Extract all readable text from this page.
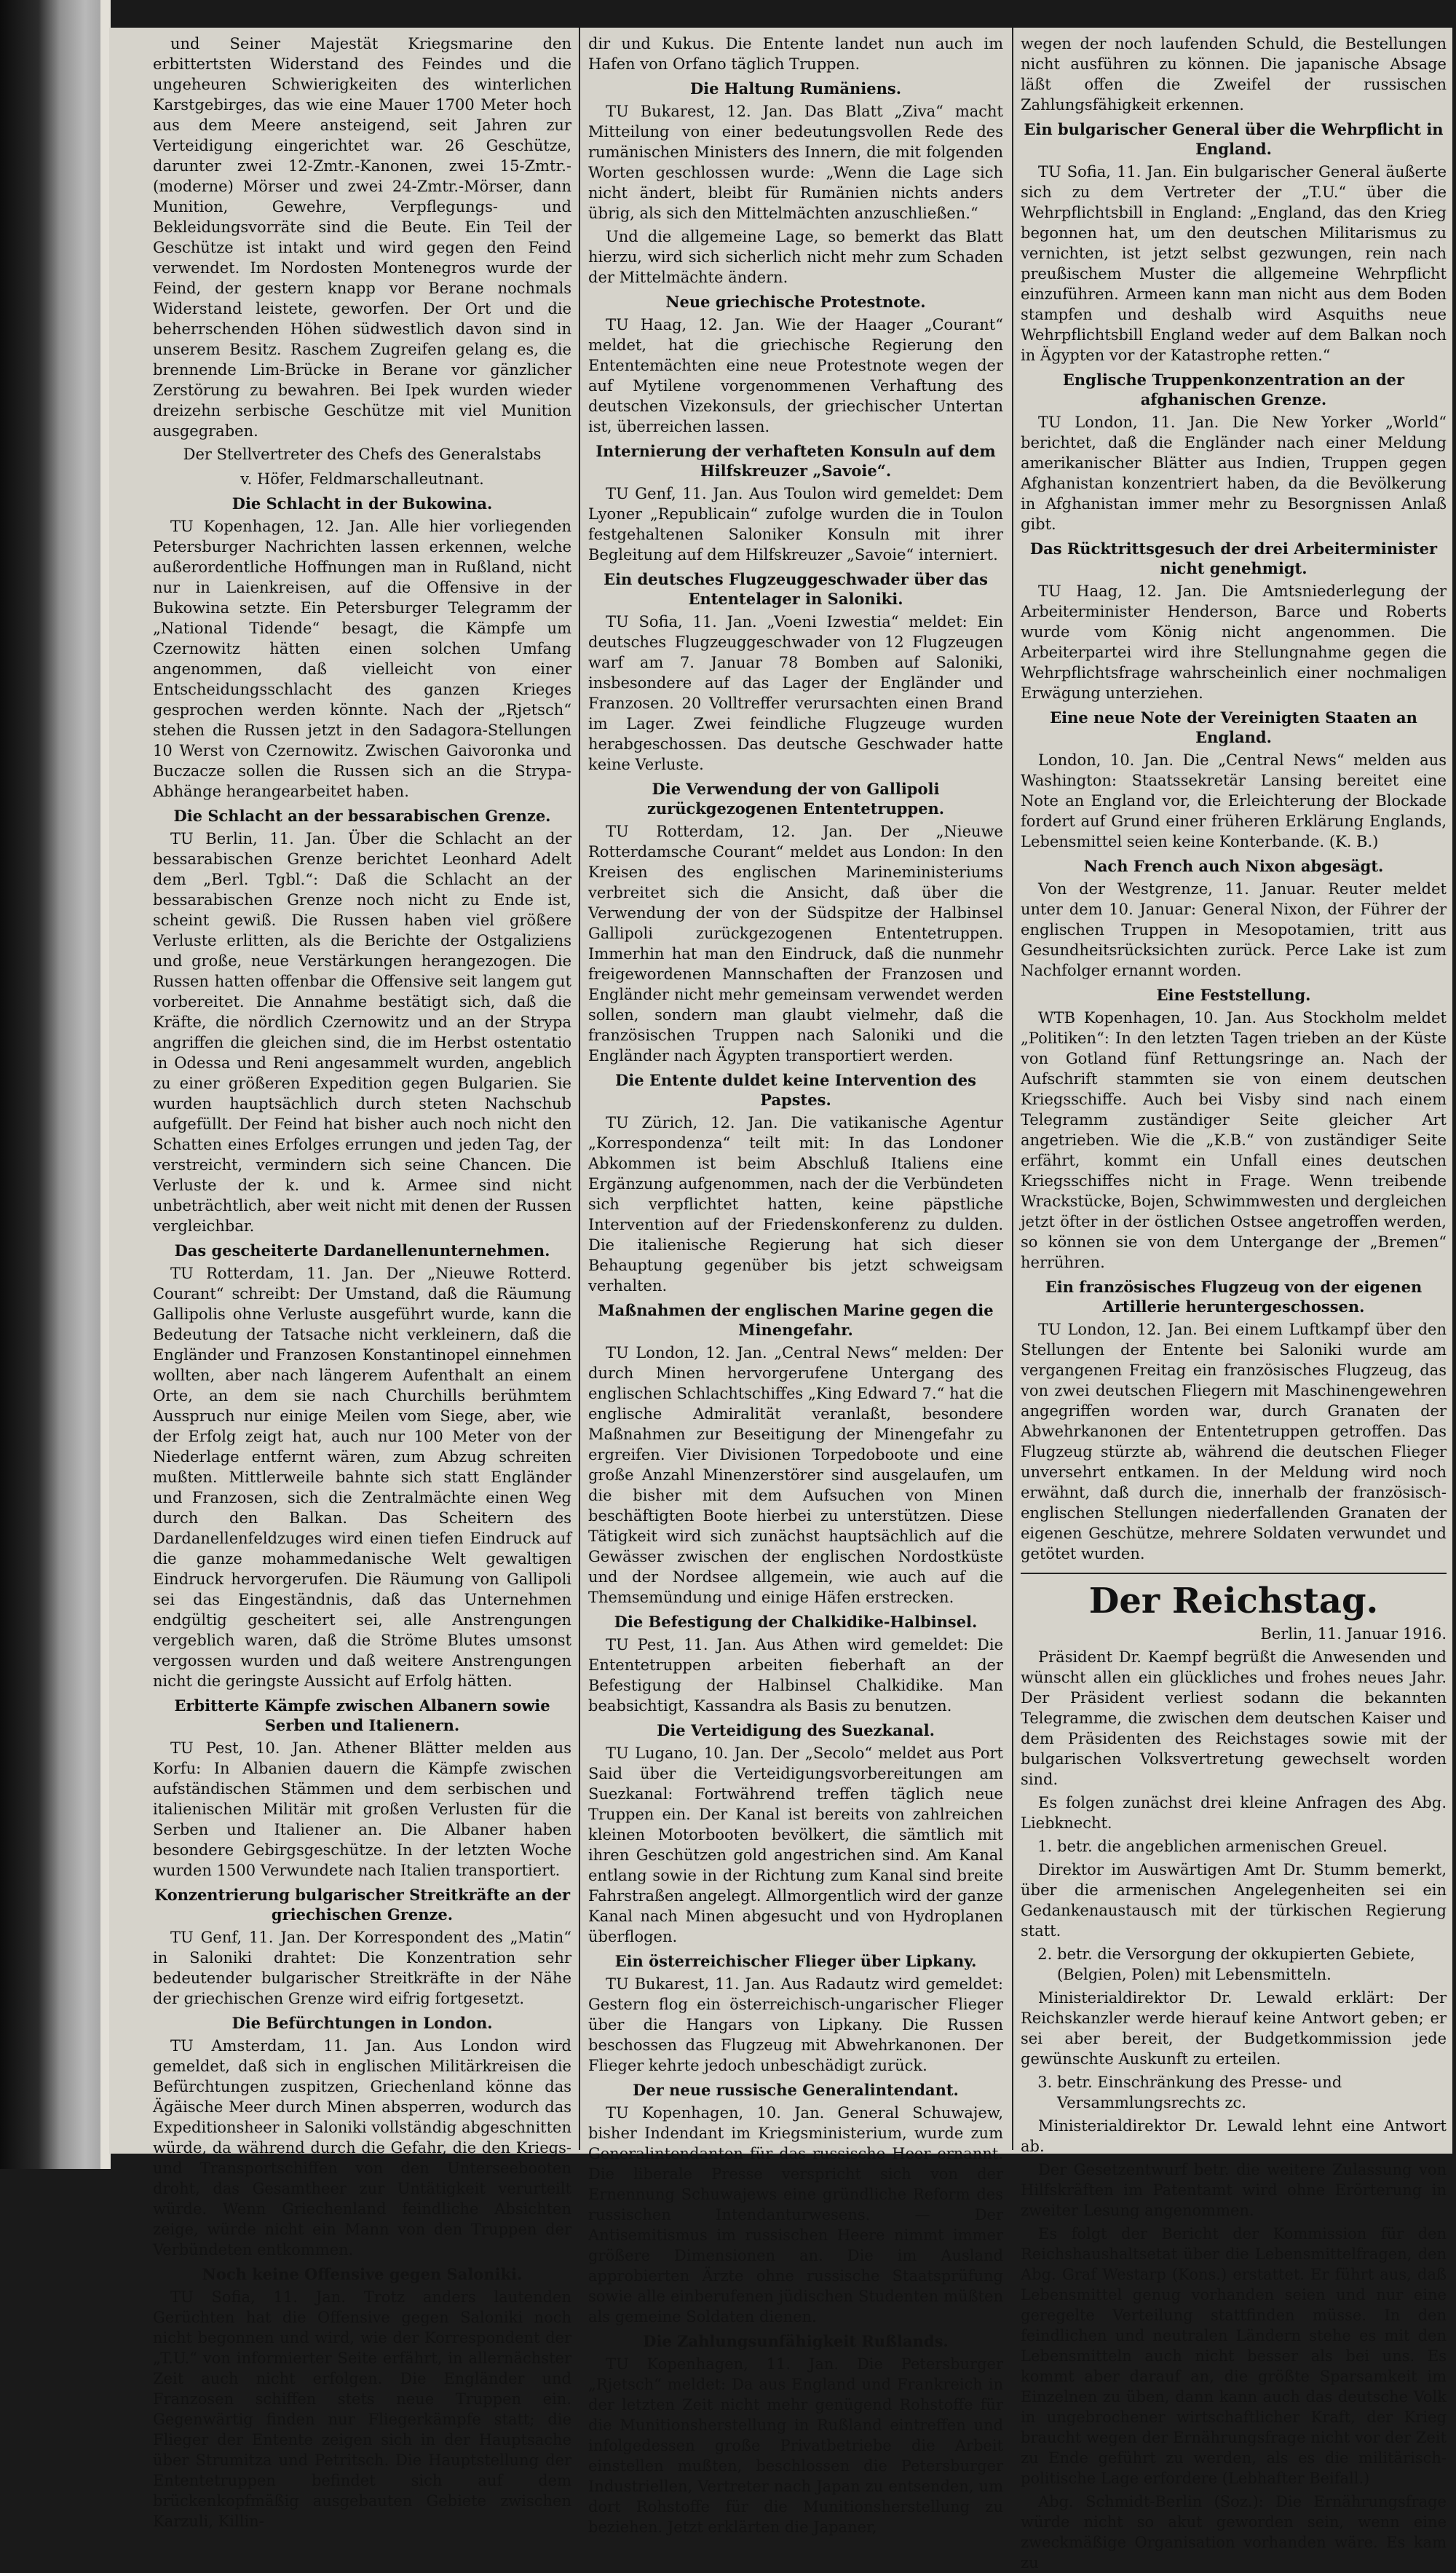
und Seiner Majestät Kriegsmarine den erbittertsten Widerstand des Feindes und die ungeheuren Schwierigkeiten des winterlichen Karstgebirges, das wie eine Mauer 1700 Meter hoch aus dem Meere ansteigend, seit Jahren zur Verteidigung eingerichtet war. 26 Geschütze, darunter zwei 12-Zmtr.-Kanonen, zwei 15-Zmtr.-(moderne) Mörser und zwei 24-Zmtr.-Mörser, dann Munition, Gewehre, Verpflegungs- und Bekleidungsvorräte sind die Beute. Ein Teil der Geschütze ist intakt und wird gegen den Feind verwendet. Im Nordosten Montenegros wurde der Feind, der gestern knapp vor Berane nochmals Widerstand leistete, geworfen. Der Ort und die beherrschenden Höhen südwestlich davon sind in unserem Besitz. Raschem Zugreifen gelang es, die brennende Lim-Brücke in Berane vor gänzlicher Zerstörung zu bewahren. Bei Ipek wurden wieder dreizehn serbische Geschütze mit viel Munition ausgegraben.

Der Stellvertreter des Chefs des Generalstabs

v. Höfer, Feldmarschalleutnant.

Die Schlacht in der Bukowina.

TU Kopenhagen, 12. Jan. Alle hier vorliegenden Petersburger Nachrichten lassen erkennen, welche außerordentliche Hoffnungen man in Rußland, nicht nur in Laienkreisen, auf die Offensive in der Bukowina setzte. Ein Petersburger Telegramm der „National Tidende“ besagt, die Kämpfe um Czernowitz hätten einen solchen Umfang angenommen, daß vielleicht von einer Entscheidungsschlacht des ganzen Krieges gesprochen werden könnte. Nach der „Rjetsch“ stehen die Russen jetzt in den Sadagora-Stellungen 10 Werst von Czernowitz. Zwischen Gaivoronka und Buczacze sollen die Russen sich an die Strypa-Abhänge herangearbeitet haben.

Die Schlacht an der bessarabischen Grenze.

TU Berlin, 11. Jan. Über die Schlacht an der bessarabischen Grenze berichtet Leonhard Adelt dem „Berl. Tgbl.“: Daß die Schlacht an der bessarabischen Grenze noch nicht zu Ende ist, scheint gewiß. Die Russen haben viel größere Verluste erlitten, als die Berichte der Ostgaliziens und große, neue Verstärkungen herangezogen. Die Russen hatten offenbar die Offensive seit langem gut vorbereitet. Die Annahme bestätigt sich, daß die Kräfte, die nördlich Czernowitz und an der Strypa angriffen die gleichen sind, die im Herbst ostentatio in Odessa und Reni angesammelt wurden, angeblich zu einer größeren Expedition gegen Bulgarien. Sie wurden hauptsächlich durch steten Nachschub aufgefüllt. Der Feind hat bisher auch noch nicht den Schatten eines Erfolges errungen und jeden Tag, der verstreicht, vermindern sich seine Chancen. Die Verluste der k. und k. Armee sind nicht unbeträchtlich, aber weit nicht mit denen der Russen vergleichbar.

Das gescheiterte Dardanellenunternehmen.

TU Rotterdam, 11. Jan. Der „Nieuwe Rotterd. Courant“ schreibt: Der Umstand, daß die Räumung Gallipolis ohne Verluste ausgeführt wurde, kann die Bedeutung der Tatsache nicht verkleinern, daß die Engländer und Franzosen Konstantinopel einnehmen wollten, aber nach längerem Aufenthalt an einem Orte, an dem sie nach Churchills berühmtem Ausspruch nur einige Meilen vom Siege, aber, wie der Erfolg zeigt hat, auch nur 100 Meter von der Niederlage entfernt wären, zum Abzug schreiten mußten. Mittlerweile bahnte sich statt Engländer und Franzosen, sich die Zentralmächte einen Weg durch den Balkan. Das Scheitern des Dardanellenfeldzuges wird einen tiefen Eindruck auf die ganze mohammedanische Welt gewaltigen Eindruck hervorgerufen. Die Räumung von Gallipoli sei das Eingeständnis, daß das Unternehmen endgültig gescheitert sei, alle Anstrengungen vergeblich waren, daß die Ströme Blutes umsonst vergossen wurden und daß weitere Anstrengungen nicht die geringste Aussicht auf Erfolg hätten.

Erbitterte Kämpfe zwischen Albanern sowie Serben und Italienern.

TU Pest, 10. Jan. Athener Blätter melden aus Korfu: In Albanien dauern die Kämpfe zwischen aufständischen Stämmen und dem serbischen und italienischen Militär mit großen Verlusten für die Serben und Italiener an. Die Albaner haben besondere Gebirgsgeschütze. In der letzten Woche wurden 1500 Verwundete nach Italien transportiert.

Konzentrierung bulgarischer Streitkräfte an der griechischen Grenze.

TU Genf, 11. Jan. Der Korrespondent des „Matin“ in Saloniki drahtet: Die Konzentration sehr bedeutender bulgarischer Streitkräfte in der Nähe der griechischen Grenze wird eifrig fortgesetzt.

Die Befürchtungen in London.

TU Amsterdam, 11. Jan. Aus London wird gemeldet, daß sich in englischen Militärkreisen die Befürchtungen zuspitzen, Griechenland könne das Ägäische Meer durch Minen absperren, wodurch das Expeditionsheer in Saloniki vollständig abgeschnitten würde, da während durch die Gefahr, die den Kriegs- und Transportschiffen von den Unterseebooten droht, das Gesamtheer zur Untätigkeit verurteilt würde. Wenn Griechenland feindliche Absichten zeige, würde nicht ein Mann von den Truppen der Verbündeten entkommen.

Noch keine Offensive gegen Saloniki.

TU Sofia, 11. Jan. Trotz anders lautenden Gerüchten hat die Offensive gegen Saloniki noch nicht begonnen und wird, wie der Korrespondent der „T.U.“ von informierter Seite erfährt, in allernächster Zeit auch nicht erfolgen. Die Engländer und Franzosen schiffen stets neue Truppen ein. Gegenwärtig finden nur Fliegerkämpfe statt; die Flieger der Entente zeigen sich in der Hauptsache über Strumitza und Petritsch. Die Hauptstellung der Ententetruppen befindet sich auf dem brückenkopfmäßig ausgebauten Gebiete zwischen Karzuli, Killin-

dir und Kukus. Die Entente landet nun auch im Hafen von Orfano täglich Truppen.

Die Haltung Rumäniens.

TU Bukarest, 12. Jan. Das Blatt „Ziva“ macht Mitteilung von einer bedeutungsvollen Rede des rumänischen Ministers des Innern, die mit folgenden Worten geschlossen wurde: „Wenn die Lage sich nicht ändert, bleibt für Rumänien nichts anders übrig, als sich den Mittelmächten anzuschließen.“

Und die allgemeine Lage, so bemerkt das Blatt hierzu, wird sich sicherlich nicht mehr zum Schaden der Mittelmächte ändern.

Neue griechische Protestnote.

TU Haag, 12. Jan. Wie der Haager „Courant“ meldet, hat die griechische Regierung den Ententemächten eine neue Protestnote wegen der auf Mytilene vorgenommenen Verhaftung des deutschen Vizekonsuls, der griechischer Untertan ist, überreichen lassen.

Internierung der verhafteten Konsuln auf dem Hilfskreuzer „Savoie“.

TU Genf, 11. Jan. Aus Toulon wird gemeldet: Dem Lyoner „Republicain“ zufolge wurden die in Toulon festgehaltenen Saloniker Konsuln mit ihrer Begleitung auf dem Hilfskreuzer „Savoie“ interniert.

Ein deutsches Flugzeuggeschwader über das Ententelager in Saloniki.

TU Sofia, 11. Jan. „Voeni Izwestia“ meldet: Ein deutsches Flugzeuggeschwader von 12 Flugzeugen warf am 7. Januar 78 Bomben auf Saloniki, insbesondere auf das Lager der Engländer und Franzosen. 20 Volltreffer verursachten einen Brand im Lager. Zwei feindliche Flugzeuge wurden herabgeschossen. Das deutsche Geschwader hatte keine Verluste.

Die Verwendung der von Gallipoli zurückgezogenen Ententetruppen.

TU Rotterdam, 12. Jan. Der „Nieuwe Rotterdamsche Courant“ meldet aus London: In den Kreisen des englischen Marineministeriums verbreitet sich die Ansicht, daß über die Verwendung der von der Südspitze der Halbinsel Gallipoli zurückgezogenen Ententetruppen. Immerhin hat man den Eindruck, daß die nunmehr freigewordenen Mannschaften der Franzosen und Engländer nicht mehr gemeinsam verwendet werden sollen, sondern man glaubt vielmehr, daß die französischen Truppen nach Saloniki und die Engländer nach Ägypten transportiert werden.

Die Entente duldet keine Intervention des Papstes.

TU Zürich, 12. Jan. Die vatikanische Agentur „Korrespondenza“ teilt mit: In das Londoner Abkommen ist beim Abschluß Italiens eine Ergänzung aufgenommen, nach der die Verbündeten sich verpflichtet hatten, keine päpstliche Intervention auf der Friedenskonferenz zu dulden. Die italienische Regierung hat sich dieser Behauptung gegenüber bis jetzt schweigsam verhalten.

Maßnahmen der englischen Marine gegen die Minengefahr.

TU London, 12. Jan. „Central News“ melden: Der durch Minen hervorgerufene Untergang des englischen Schlachtschiffes „King Edward 7.“ hat die englische Admiralität veranlaßt, besondere Maßnahmen zur Beseitigung der Minengefahr zu ergreifen. Vier Divisionen Torpedoboote und eine große Anzahl Minenzerstörer sind ausgelaufen, um die bisher mit dem Aufsuchen von Minen beschäftigten Boote hierbei zu unterstützen. Diese Tätigkeit wird sich zunächst hauptsächlich auf die Gewässer zwischen der englischen Nordostküste und der Nordsee allgemein, wie auch auf die Themsemündung und einige Häfen erstrecken.

Die Befestigung der Chalkidike-Halbinsel.

TU Pest, 11. Jan. Aus Athen wird gemeldet: Die Ententetruppen arbeiten fieberhaft an der Befestigung der Halbinsel Chalkidike. Man beabsichtigt, Kassandra als Basis zu benutzen.

Die Verteidigung des Suezkanal.

TU Lugano, 10. Jan. Der „Secolo“ meldet aus Port Said über die Verteidigungsvorbereitungen am Suezkanal: Fortwährend treffen täglich neue Truppen ein. Der Kanal ist bereits von zahlreichen kleinen Motorbooten bevölkert, die sämtlich mit ihren Geschützen gold angestrichen sind. Am Kanal entlang sowie in der Richtung zum Kanal sind breite Fahrstraßen angelegt. Allmorgentlich wird der ganze Kanal nach Minen abgesucht und von Hydroplanen überflogen.

Ein österreichischer Flieger über Lipkany.

TU Bukarest, 11. Jan. Aus Radautz wird gemeldet: Gestern flog ein österreichisch-ungarischer Flieger über die Hangars von Lipkany. Die Russen beschossen das Flugzeug mit Abwehrkanonen. Der Flieger kehrte jedoch unbeschädigt zurück.

Der neue russische Generalintendant.

TU Kopenhagen, 10. Jan. General Schuwajew, bisher Indendant im Kriegsministerium, wurde zum Generalintendanten für das russische Heer ernannt. Die liberale Presse verspricht sich von der Ernennung Schuwajews eine gründliche Reform des russischen Intendanturwesens. — Der Antisemitismus im russischen Heere nimmt immer größere Dimensionen an. Die im Ausland approbierten Ärzte ohne russische Staatsprüfung sowie alle einberufenen jüdischen Studenten müßten als gemeine Soldaten dienen.

Die Zahlungsunfähigkeit Rußlands.

TU Kopenhagen, 11. Jan. Die Petersburger „Rjetsch“ meldet: Da aus England und Frankreich in der letzten Zeit nicht mehr genügend Rohstoffe für die Munitionsherstellung in Rußland eintreffen und infolgedessen große Privatbetriebe die Arbeit einstellen mußten, beschlossen die Petersburger Industriellen, Vertreter nach Japan zu entsenden, um dort Rohstoffe für die Munitionsherstellung zu beziehen. Jetzt erklärten die Japaner,

wegen der noch laufenden Schuld, die Bestellungen nicht ausführen zu können. Die japanische Absage läßt offen die Zweifel der russischen Zahlungsfähigkeit erkennen.

Ein bulgarischer General über die Wehrpflicht in England.

TU Sofia, 11. Jan. Ein bulgarischer General äußerte sich zu dem Vertreter der „T.U.“ über die Wehrpflichtsbill in England: „England, das den Krieg begonnen hat, um den deutschen Militarismus zu vernichten, ist jetzt selbst gezwungen, rein nach preußischem Muster die allgemeine Wehrpflicht einzuführen. Armeen kann man nicht aus dem Boden stampfen und deshalb wird Asquiths neue Wehrpflichtsbill England weder auf dem Balkan noch in Ägypten vor der Katastrophe retten.“

Englische Truppenkonzentration an der afghanischen Grenze.

TU London, 11. Jan. Die New Yorker „World“ berichtet, daß die Engländer nach einer Meldung amerikanischer Blätter aus Indien, Truppen gegen Afghanistan konzentriert haben, da die Bevölkerung in Afghanistan immer mehr zu Besorgnissen Anlaß gibt.

Das Rücktrittsgesuch der drei Arbeiterminister nicht genehmigt.

TU Haag, 12. Jan. Die Amtsniederlegung der Arbeiterminister Henderson, Barce und Roberts wurde vom König nicht angenommen. Die Arbeiterpartei wird ihre Stellungnahme gegen die Wehrpflichtsfrage wahrscheinlich einer nochmaligen Erwägung unterziehen.

Eine neue Note der Vereinigten Staaten an England.

London, 10. Jan. Die „Central News“ melden aus Washington: Staatssekretär Lansing bereitet eine Note an England vor, die Erleichterung der Blockade fordert auf Grund einer früheren Erklärung Englands, Lebensmittel seien keine Konterbande. (K. B.)

Nach French auch Nixon abgesägt.

Von der Westgrenze, 11. Januar. Reuter meldet unter dem 10. Januar: General Nixon, der Führer der englischen Truppen in Mesopotamien, tritt aus Gesundheitsrücksichten zurück. Perce Lake ist zum Nachfolger ernannt worden.

Eine Feststellung.

WTB Kopenhagen, 10. Jan. Aus Stockholm meldet „Politiken“: In den letzten Tagen trieben an der Küste von Gotland fünf Rettungsringe an. Nach der Aufschrift stammten sie von einem deutschen Kriegsschiffe. Auch bei Visby sind nach einem Telegramm zuständiger Seite gleicher Art angetrieben. Wie die „K.B.“ von zuständiger Seite erfährt, kommt ein Unfall eines deutschen Kriegsschiffes nicht in Frage. Wenn treibende Wrackstücke, Bojen, Schwimmwesten und dergleichen jetzt öfter in der östlichen Ostsee angetroffen werden, so können sie von dem Untergange der „Bremen“ herrühren.

Ein französisches Flugzeug von der eigenen Artillerie heruntergeschossen.

TU London, 12. Jan. Bei einem Luftkampf über den Stellungen der Entente bei Saloniki wurde am vergangenen Freitag ein französisches Flugzeug, das von zwei deutschen Fliegern mit Maschinengewehren angegriffen worden war, durch Granaten der Abwehrkanonen der Ententetruppen getroffen. Das Flugzeug stürzte ab, während die deutschen Flieger unversehrt entkamen. In der Meldung wird noch erwähnt, daß durch die, innerhalb der französisch-englischen Stellungen niederfallenden Granaten der eigenen Geschütze, mehrere Soldaten verwundet und getötet wurden.

Der Reichstag.

Berlin, 11. Januar 1916.

Präsident Dr. Kaempf begrüßt die Anwesenden und wünscht allen ein glückliches und frohes neues Jahr. Der Präsident verliest sodann die bekannten Telegramme, die zwischen dem deutschen Kaiser und dem Präsidenten des Reichstages sowie mit der bulgarischen Volksvertretung gewechselt worden sind.

Es folgen zunächst drei kleine Anfragen des Abg. Liebknecht.

1. betr. die angeblichen armenischen Greuel.

Direktor im Auswärtigen Amt Dr. Stumm bemerkt, über die armenischen Angelegenheiten sei ein Gedankenaustausch mit der türkischen Regierung statt.

2. betr. die Versorgung der okkupierten Gebiete, (Belgien, Polen) mit Lebensmitteln.

Ministerialdirektor Dr. Lewald erklärt: Der Reichskanzler werde hierauf keine Antwort geben; er sei aber bereit, der Budgetkommission jede gewünschte Auskunft zu erteilen.

3. betr. Einschränkung des Presse- und Versammlungsrechts zc.

Ministerialdirektor Dr. Lewald lehnt eine Antwort ab.

Der Gesetzentwurf betr. die weitere Zulassung von Hilfskräften im Patentamt wird ohne Erörterung in zweiter Lesung angenommen.

Es folgt der Bericht der Kommission für den Reichshaushaltsetat über die Lebensmittelfragen, den Abg. Graf Westarp (Kons.) erstattet. Er führt aus, daß Lebensmittel genug vorhanden seien und nur eine geregelte Verteilung stattfinden müsse. In den feindlichen und neutralen Ländern stehe es mit den Lebensmitteln auch nicht besser als bei uns. Es kommt aber darauf an, die größte Sparsamkeit im Einzelnen zu üben, dann kann auch das deutsche Volk in ungebrochener wirtschaftlicher Kraft, der Krieg braucht wegen der Ernährungsfrage nicht vor der Zeit zu Ende geführt zu werden, als es die militärisch-politische Lage erfordere (Lebhafter Beifall.)

Abg. Schmidt-Berlin (Soz.): Die Ernährungsfrage würde nicht so akut geworden sein, wenn eine zweckmäßige Organisation vorhanden wäre. Es kam zu
